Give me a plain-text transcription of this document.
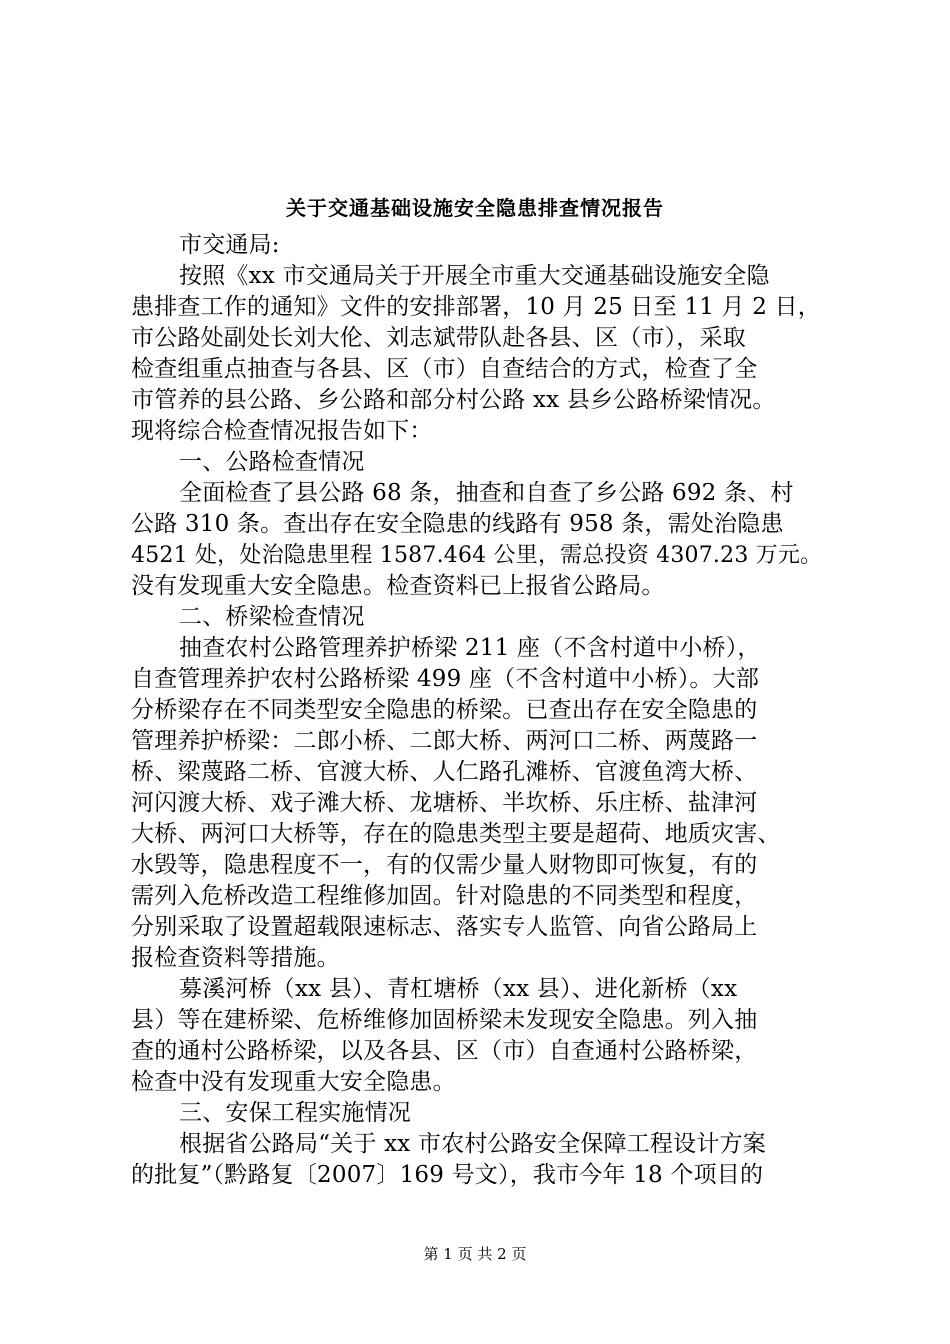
关于交通基础设施安全隐患排查情况报告
市交通局:
按照《xx 市交通局关于开展全市重大交通基础设施安全隐
患排查工作的通知》文件的安排部署，10 月 25 日至 11 月 2 日，
市公路处副处长刘大伦、刘志斌带队赴各县、区（市），采取
检查组重点抽查与各县、区（市）自查结合的方式，检查了全
市管养的县公路、乡公路和部分村公路 xx 县乡公路桥梁情况。
现将综合检查情况报告如下：
一、公路检查情况
全面检查了县公路 68 条，抽查和自查了乡公路 692 条、村
公路 310 条。查出存在安全隐患的线路有 958 条，需处治隐患
4521 处，处治隐患里程 1587.464 公里，需总投资 4307.23 万元。
没有发现重大安全隐患。检查资料已上报省公路局。
二、桥梁检查情况
抽查农村公路管理养护桥梁 211 座（不含村道中小桥），
自查管理养护农村公路桥梁 499 座（不含村道中小桥）。大部
分桥梁存在不同类型安全隐患的桥梁。已查出存在安全隐患的
管理养护桥梁：二郎小桥、二郎大桥、两河口二桥、两蔑路一
桥、梁蔑路二桥、官渡大桥、人仁路孔滩桥、官渡鱼湾大桥、
河闪渡大桥、戏子滩大桥、龙塘桥、半坎桥、乐庄桥、盐津河
大桥、两河口大桥等，存在的隐患类型主要是超荷、地质灾害、
水毁等，隐患程度不一，有的仅需少量人财物即可恢复，有的
需列入危桥改造工程维修加固。针对隐患的不同类型和程度，
分别采取了设置超载限速标志、落实专人监管、向省公路局上
报检查资料等措施。
募溪河桥（xx 县）、青杠塘桥（xx 县）、进化新桥（xx
县）等在建桥梁、危桥维修加固桥梁未发现安全隐患。列入抽
查的通村公路桥梁，以及各县、区（市）自查通村公路桥梁，
检查中没有发现重大安全隐患。
三、安保工程实施情况
根据省公路局“关于 xx 市农村公路安全保障工程设计方案
的批复”（黔路复〔2007〕169 号文），我市今年 18 个项目的
第 1 页 共 2 页
